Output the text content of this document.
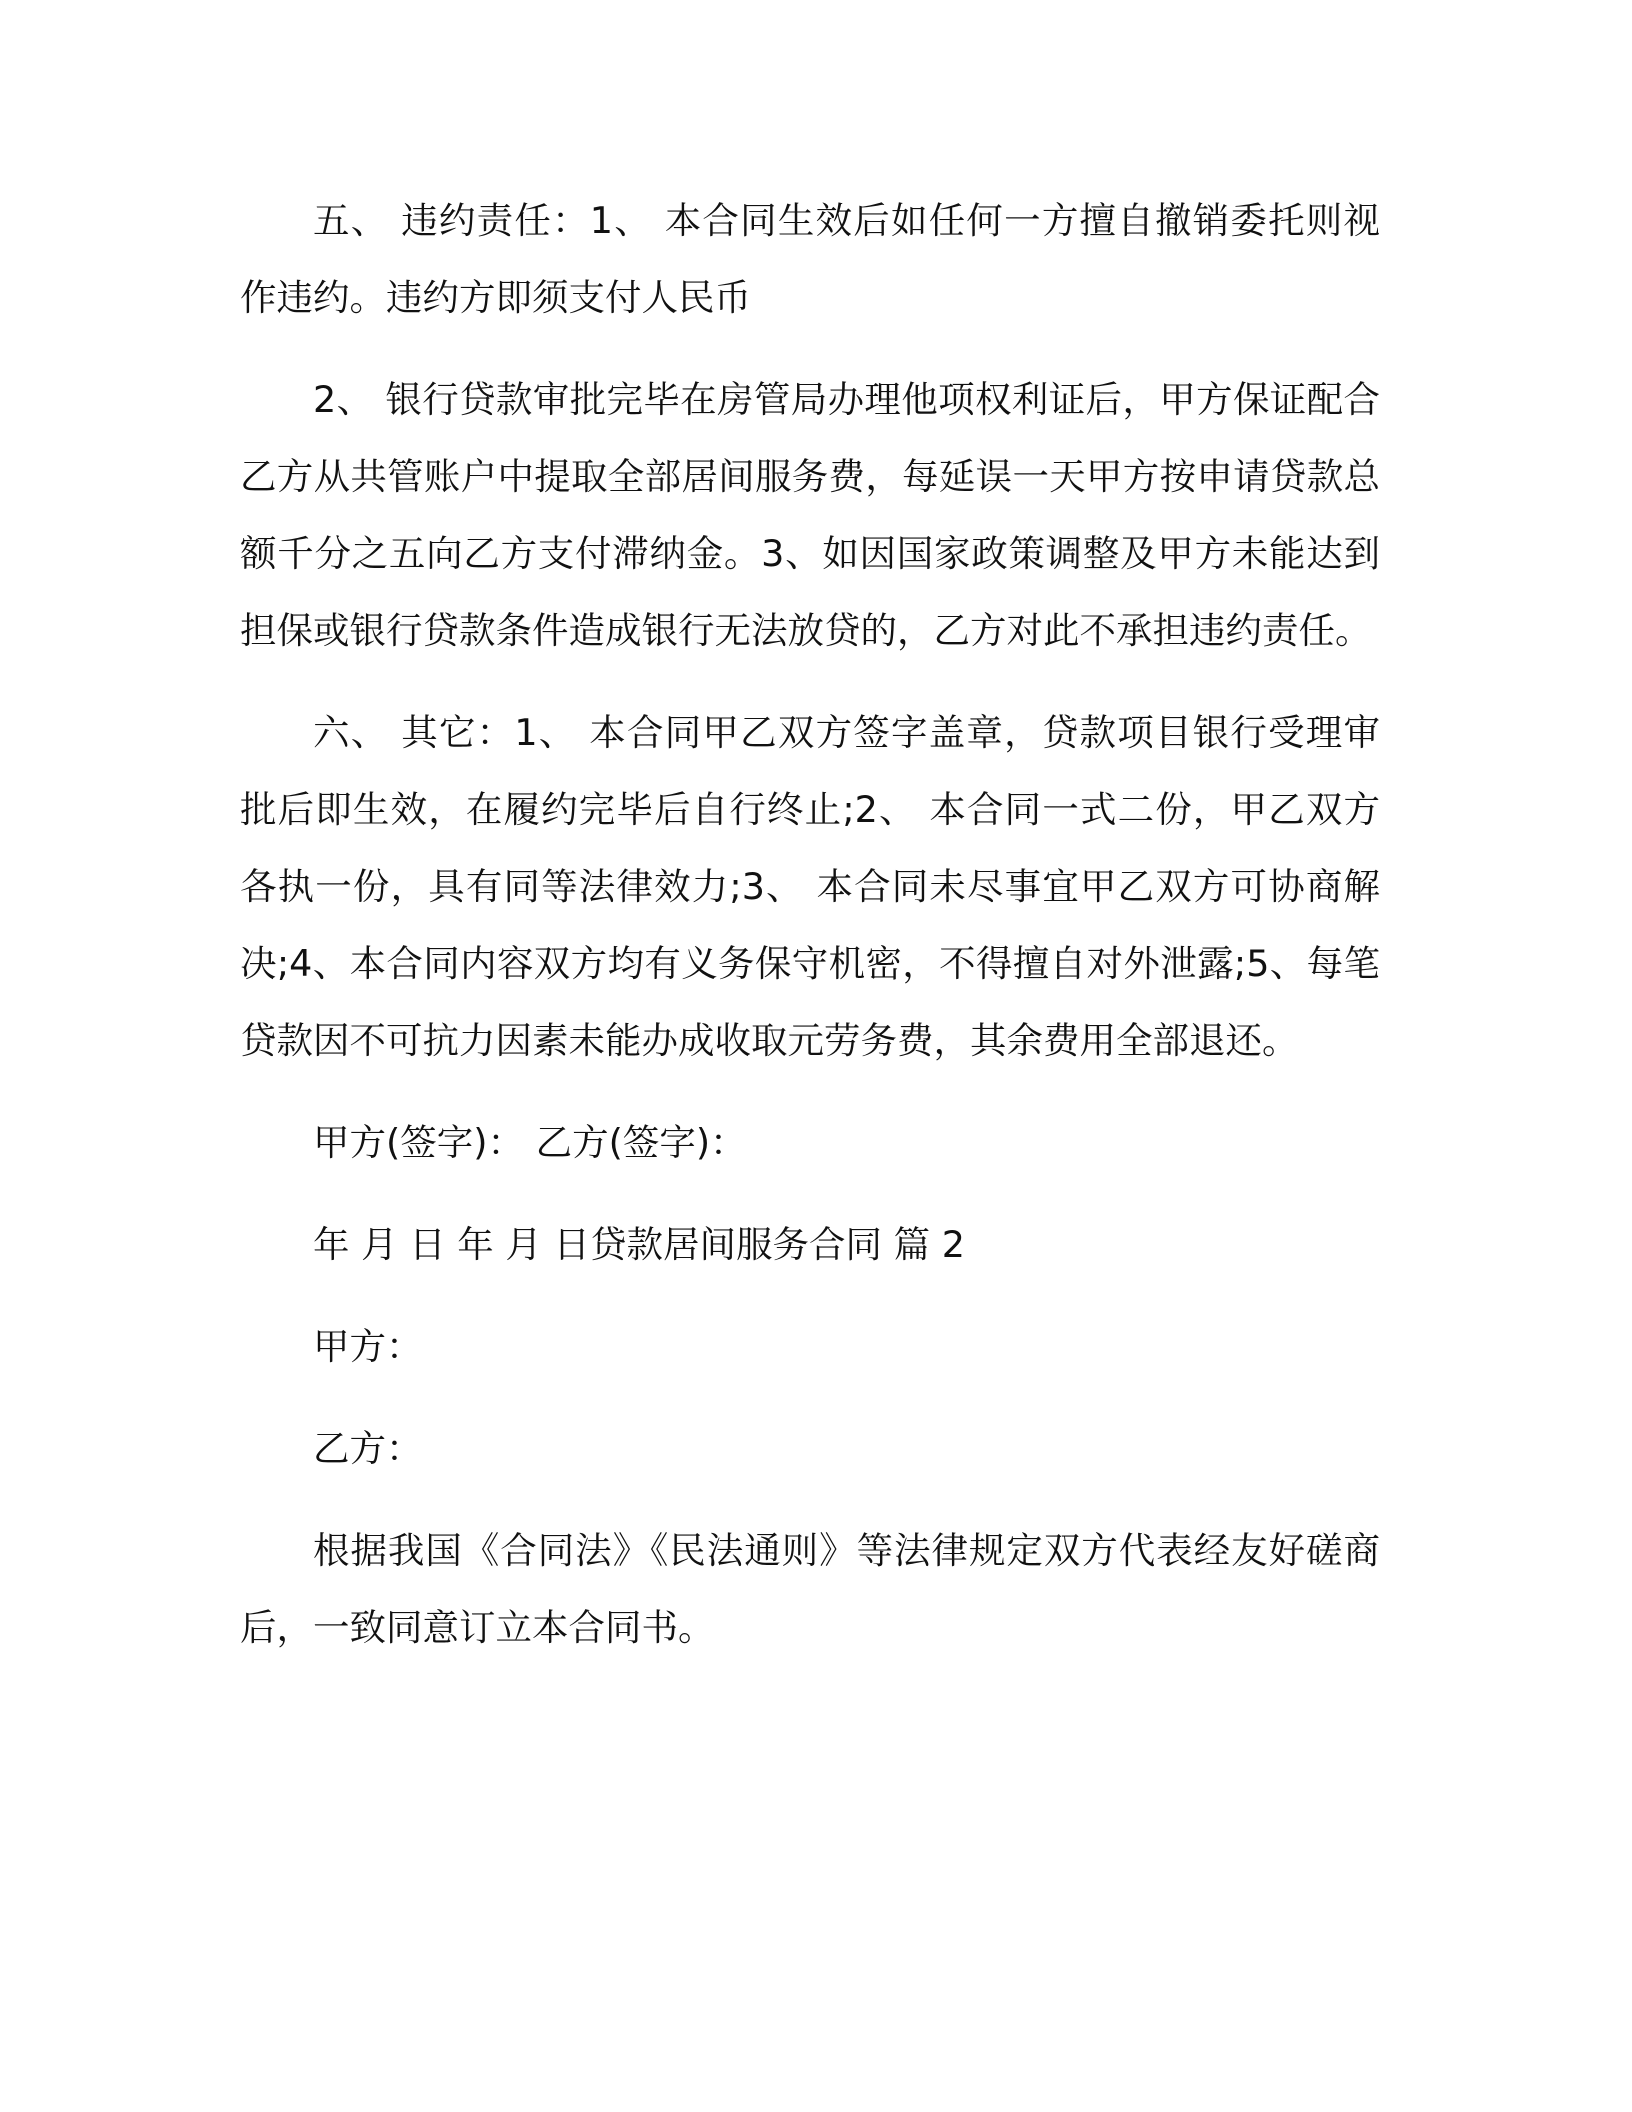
五、 违约责任：1、 本合同生效后如任何一方擅自撤销委托则视作违约。违约方即须支付人民币

2、 银行贷款审批完毕在房管局办理他项权利证后，甲方保证配合乙方从共管账户中提取全部居间服务费，每延误一天甲方按申请贷款总额千分之五向乙方支付滞纳金。3、如因国家政策调整及甲方未能达到担保或银行贷款条件造成银行无法放贷的，乙方对此不承担违约责任。

六、 其它：1、 本合同甲乙双方签字盖章，贷款项目银行受理审批后即生效，在履约完毕后自行终止;2、 本合同一式二份，甲乙双方各执一份，具有同等法律效力;3、 本合同未尽事宜甲乙双方可协商解决;4、本合同内容双方均有义务保守机密，不得擅自对外泄露;5、每笔贷款因不可抗力因素未能办成收取元劳务费，其余费用全部退还。

甲方(签字)： 乙方(签字)：

年 月 日 年 月 日贷款居间服务合同 篇 2

甲方：

乙方：

根据我国《合同法》《民法通则》等法律规定双方代表经友好磋商后，一致同意订立本合同书。
